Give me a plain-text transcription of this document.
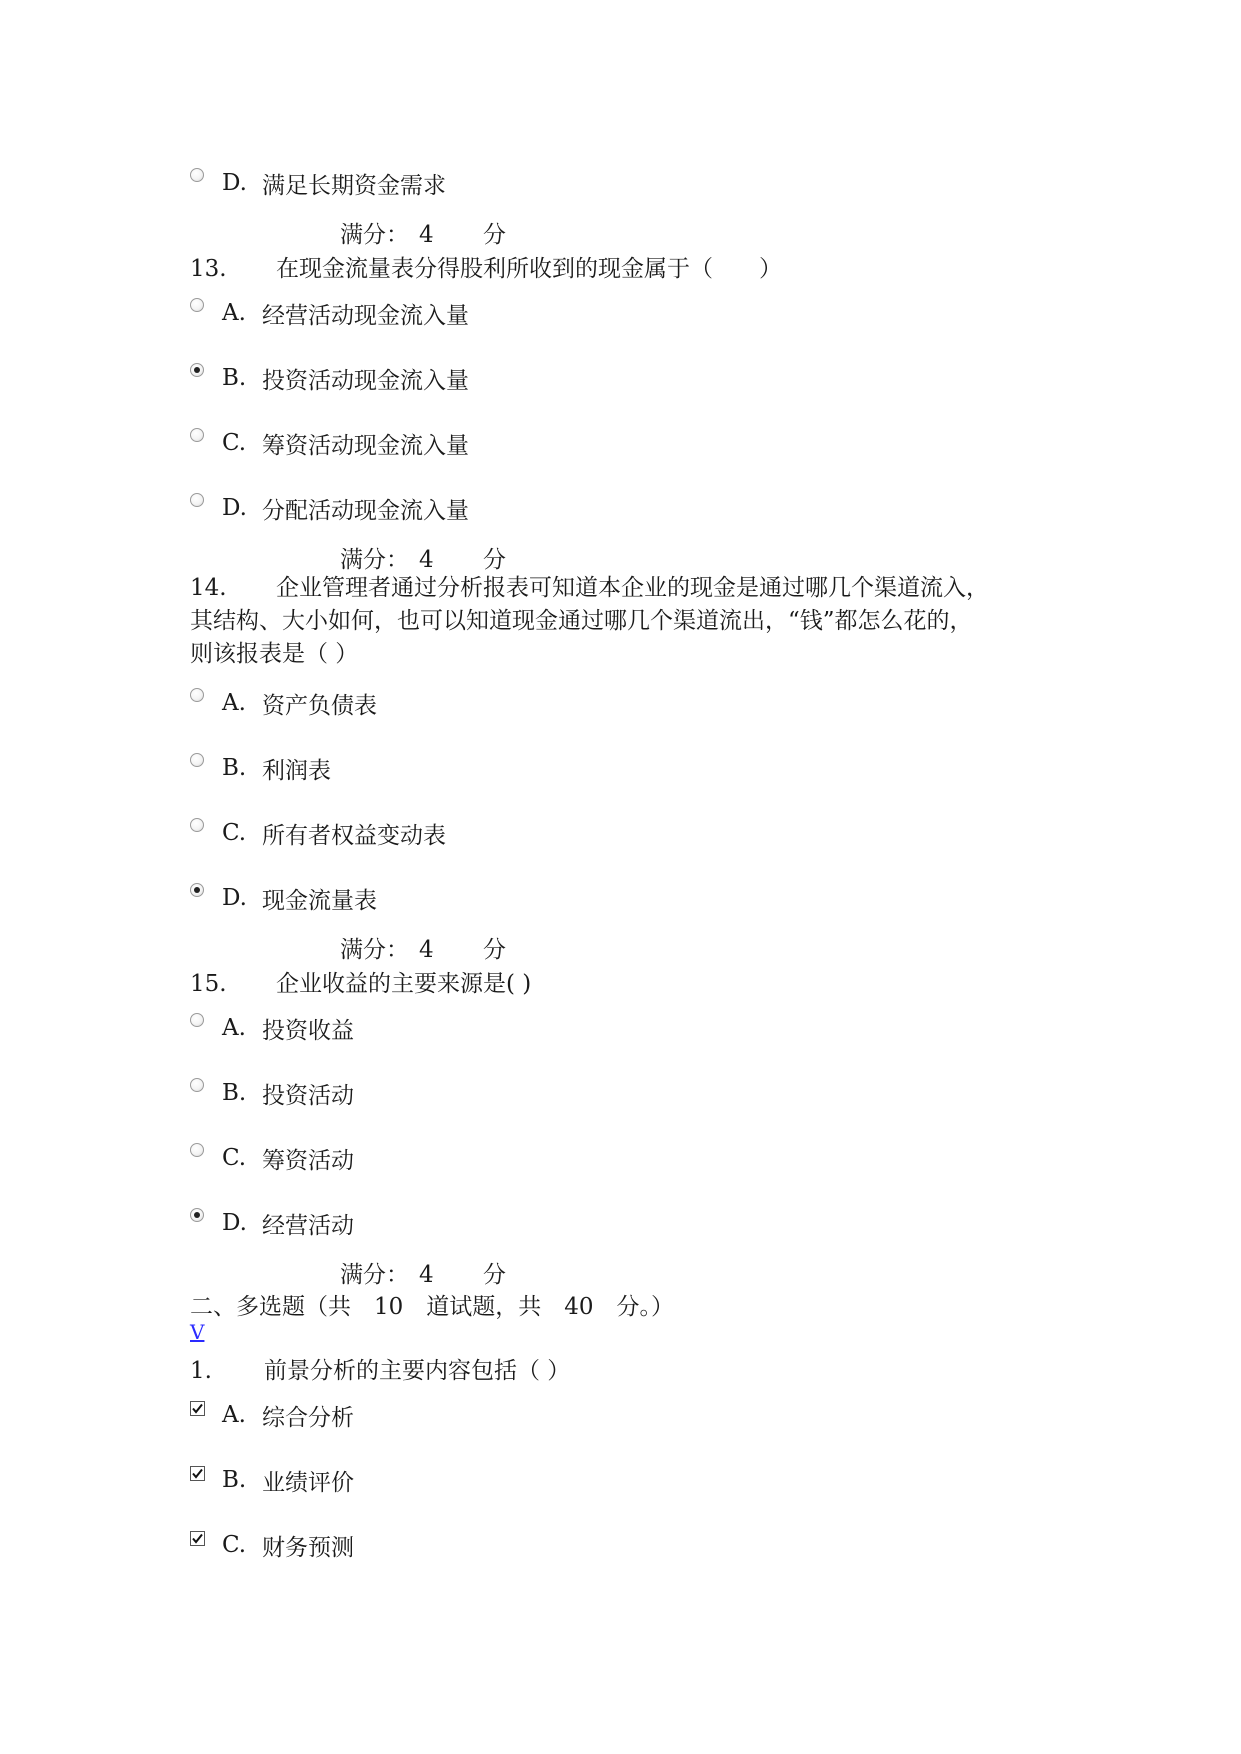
D. 满足长期资金需求
满分： 4 分
13. 在现金流量表分得股利所收到的现金属于（　　）
A. 经营活动现金流入量
B. 投资活动现金流入量
C. 筹资活动现金流入量
D. 分配活动现金流入量
满分： 4 分
14. 企业管理者通过分析报表可知道本企业的现金是通过哪几个渠道流入，
其结构、大小如何，也可以知道现金通过哪几个渠道流出，“钱”都怎么花的，
则该报表是（ ）
A. 资产负债表
B. 利润表
C. 所有者权益变动表
D. 现金流量表
满分： 4 分
15. 企业收益的主要来源是( )
A. 投资收益
B. 投资活动
C. 筹资活动
D. 经营活动
满分： 4 分
二、多选题（共　10　道试题，共　40　分。）
V
1. 前景分析的主要内容包括（ ）
A. 综合分析
B. 业绩评价
C. 财务预测
